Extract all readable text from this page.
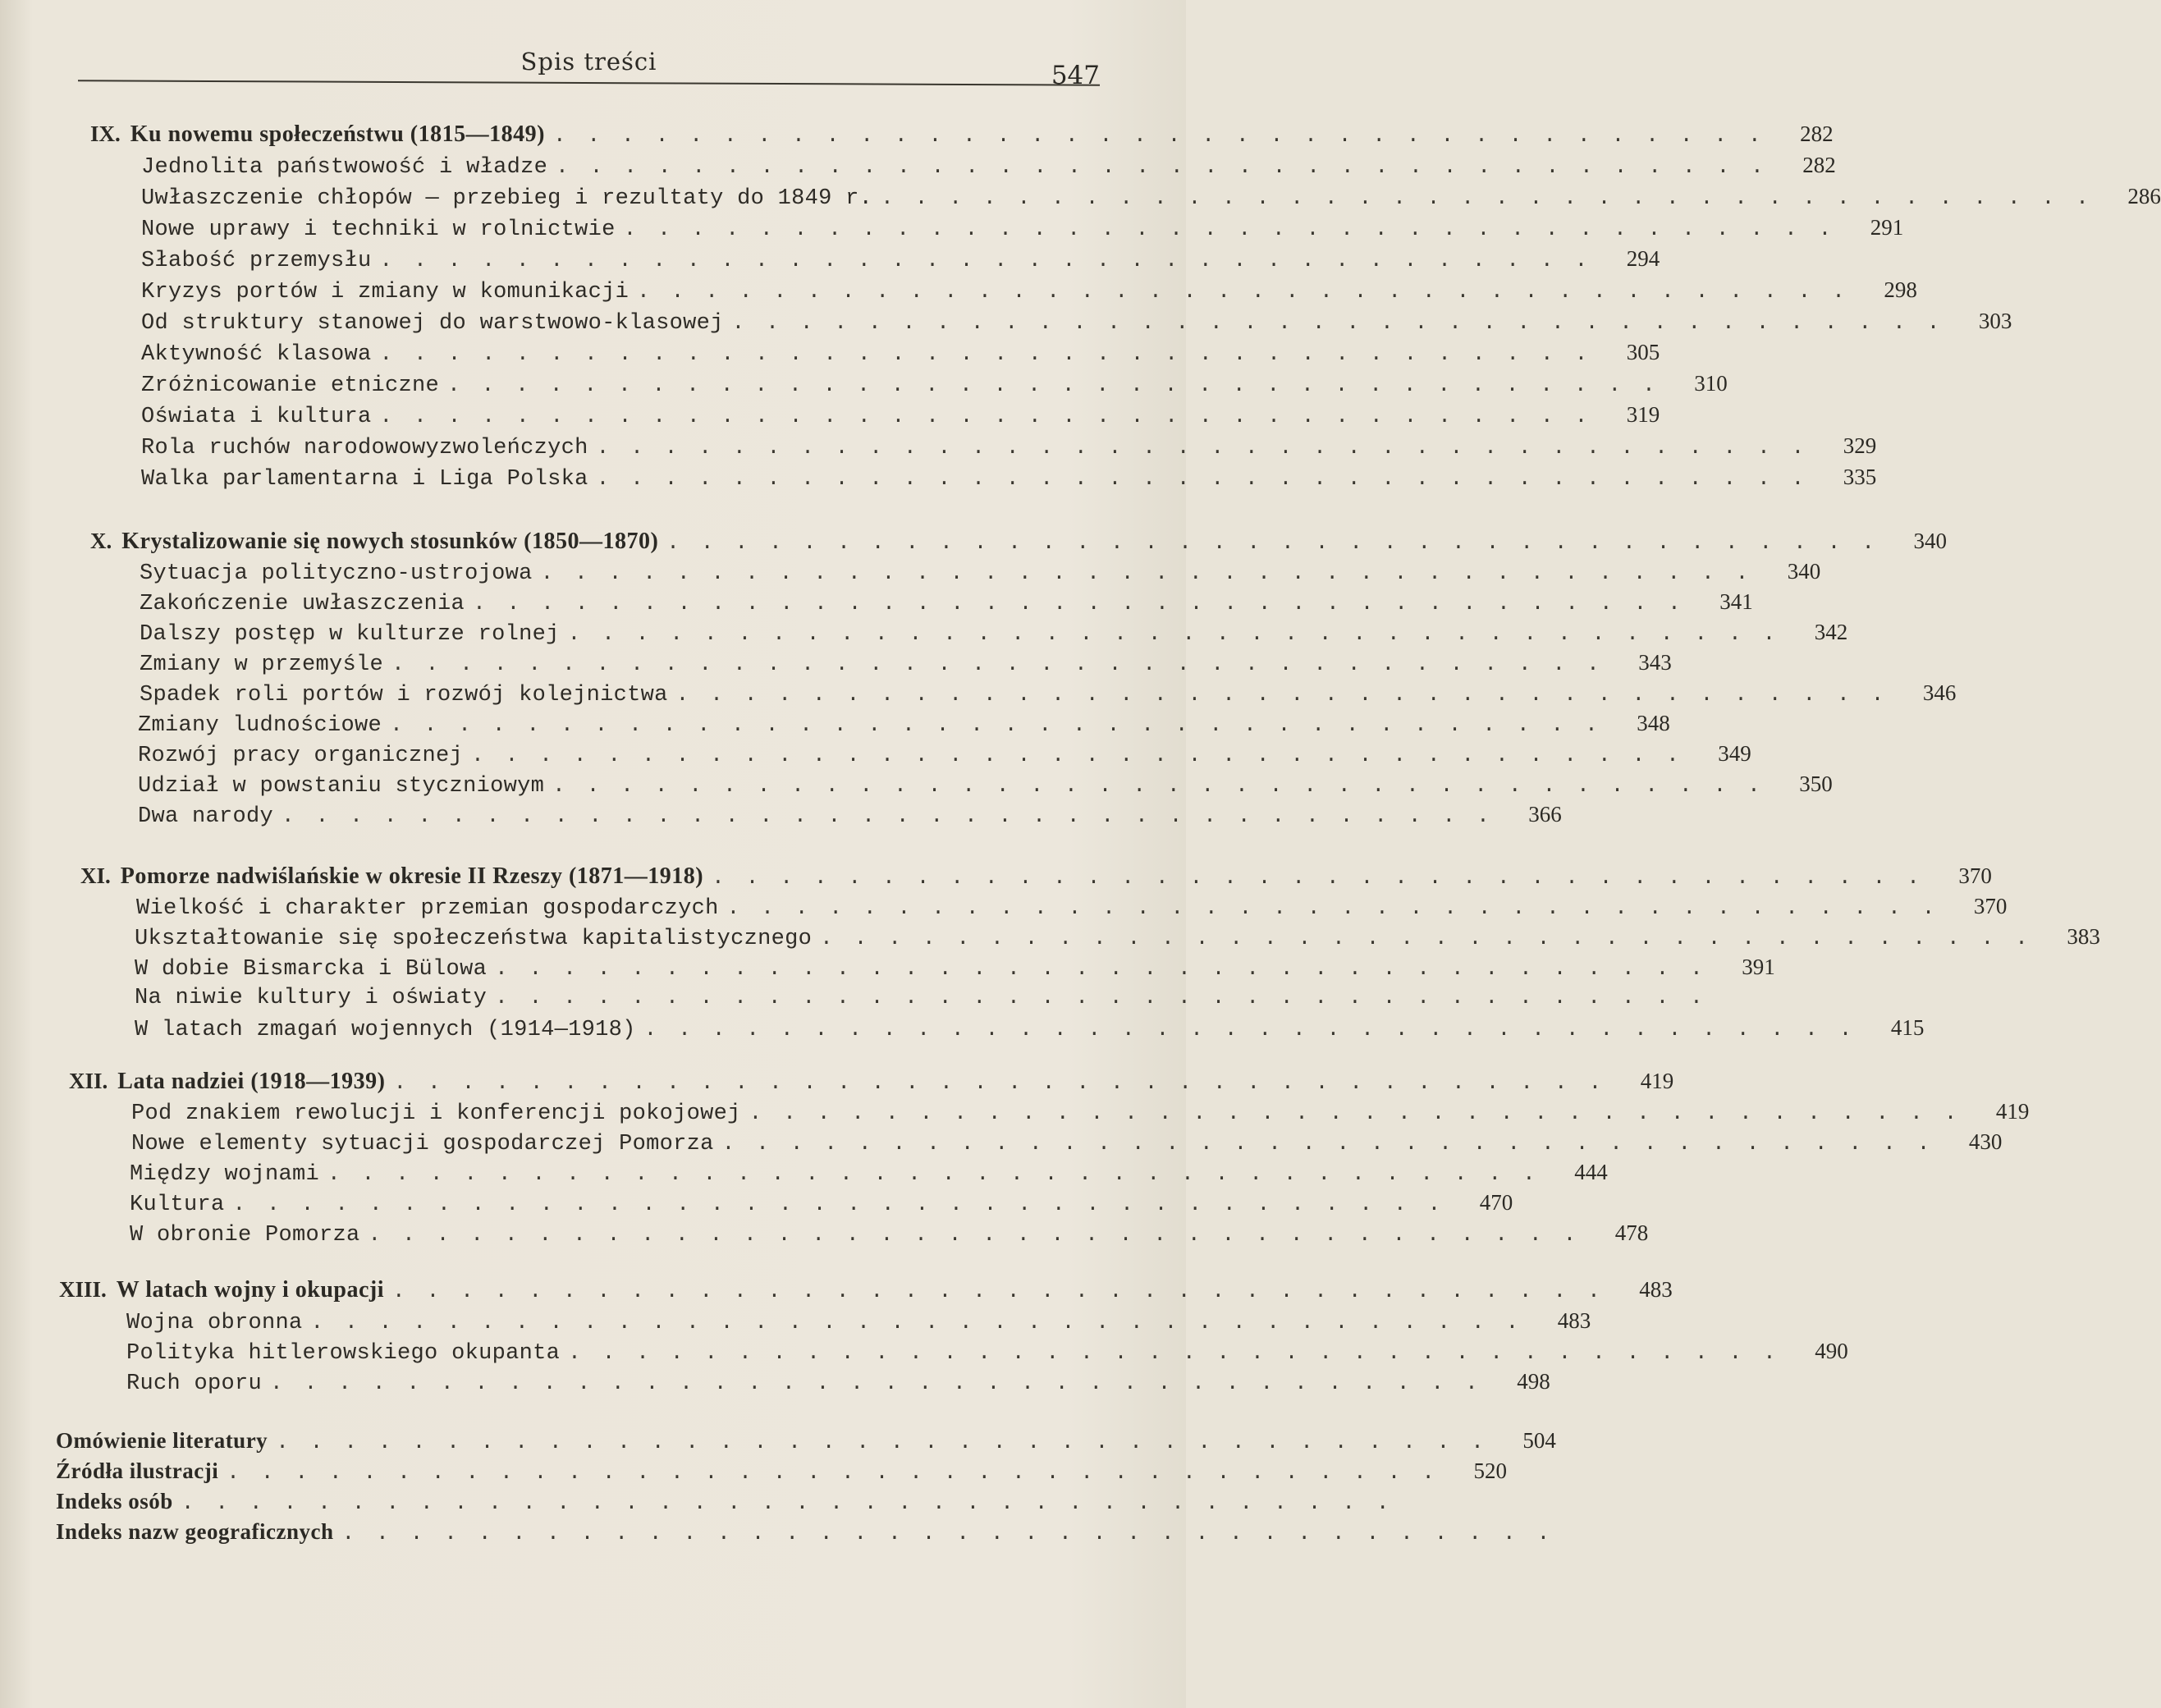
Spis treści	547
IX. Ku nowemu społeczeństwu (1815—1849) .................................... 282
Jednolita państwowość i władze .................................... 282
Uwłaszczenie chłopów — przebieg i rezultaty do 1849 r. .................................... 286
Nowe uprawy i techniki w rolnictwie .................................... 291
Słabość przemysłu .................................... 294
Kryzys portów i zmiany w komunikacji .................................... 298
Od struktury stanowej do warstwowo-klasowej .................................... 303
Aktywność klasowa .................................... 305
Zróżnicowanie etniczne .................................... 310
Oświata i kultura .................................... 319
Rola ruchów narodowowyzwoleńczych .................................... 329
Walka parlamentarna i Liga Polska .................................... 335
X. Krystalizowanie się nowych stosunków (1850—1870) .................................... 340
Sytuacja polityczno-ustrojowa .................................... 340
Zakończenie uwłaszczenia .................................... 341
Dalszy postęp w kulturze rolnej .................................... 342
Zmiany w przemyśle .................................... 343
Spadek roli portów i rozwój kolejnictwa .................................... 346
Zmiany ludnościowe .................................... 348
Rozwój pracy organicznej .................................... 349
Udział w powstaniu styczniowym .................................... 350
Dwa narody .................................... 366
XI. Pomorze nadwiślańskie w okresie II Rzeszy (1871—1918) .................................... 370
Wielkość i charakter przemian gospodarczych .................................... 370
Ukształtowanie się społeczeństwa kapitalistycznego .................................... 383
W dobie Bismarcka i Bülowa .................................... 391
Na niwie kultury i oświaty ....................................
W latach zmagań wojennych (1914—1918) .................................... 415
XII. Lata nadziei (1918—1939) .................................... 419
Pod znakiem rewolucji i konferencji pokojowej .................................... 419
Nowe elementy sytuacji gospodarczej Pomorza .................................... 430
Między wojnami .................................... 444
Kultura .................................... 470
W obronie Pomorza .................................... 478
XIII. W latach wojny i okupacji .................................... 483
Wojna obronna .................................... 483
Polityka hitlerowskiego okupanta .................................... 490
Ruch oporu .................................... 498
Omówienie literatury .................................... 504
Źródła ilustracji .................................... 520
Indeks osób ....................................
Indeks nazw geograficznych ....................................
